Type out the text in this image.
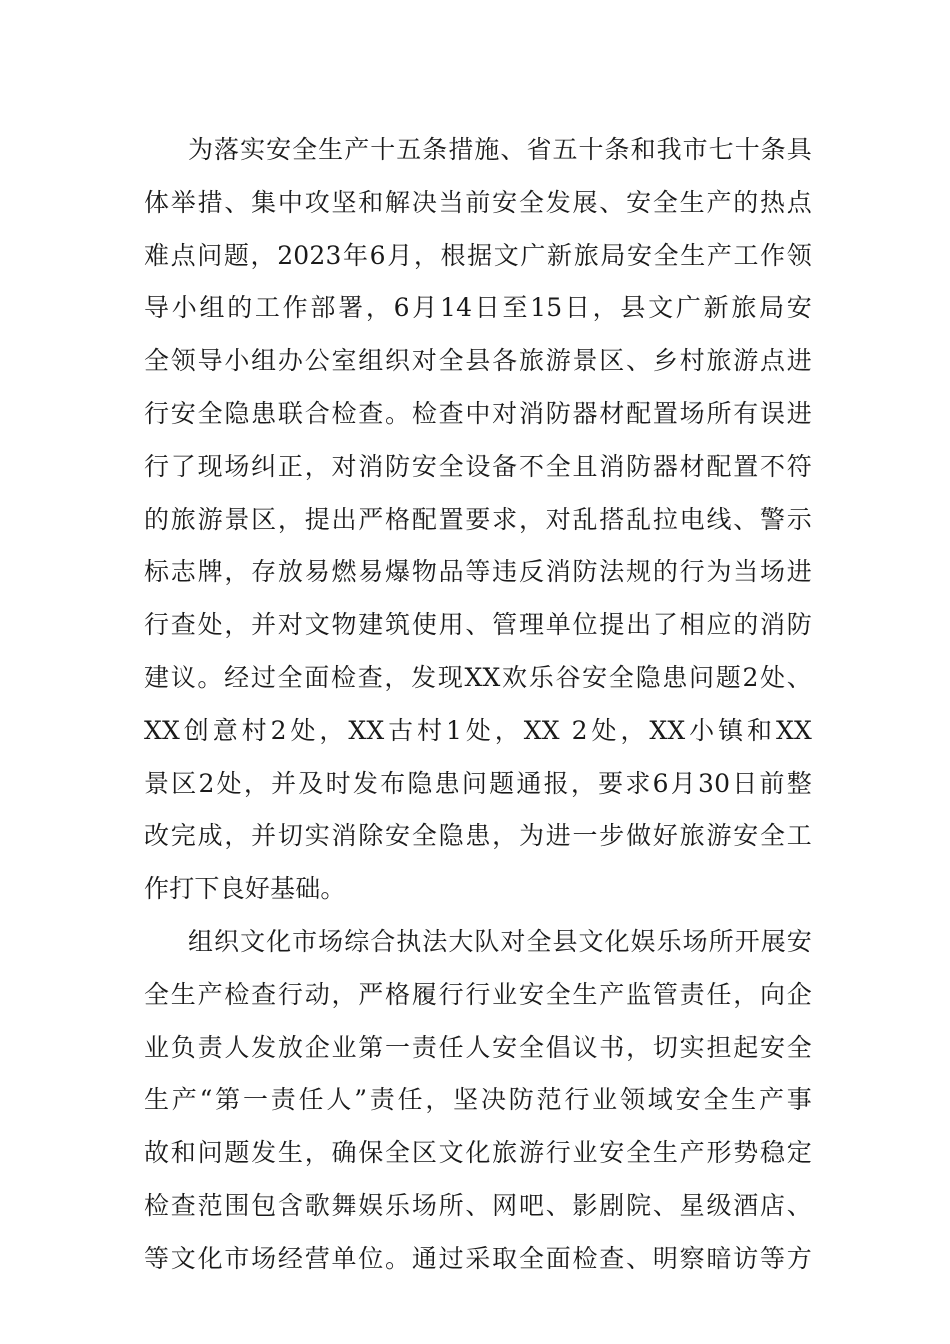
为落实安全生产十五条措施、省五十条和我市七十条具
体举措、集中攻坚和解决当前安全发展、安全生产的热点
难点问题，2023年6月，根据文广新旅局安全生产工作领
导小组的工作部署，6月14日至15日，县文广新旅局安
全领导小组办公室组织对全县各旅游景区、乡村旅游点进
行安全隐患联合检查。检查中对消防器材配置场所有误进
行了现场纠正，对消防安全设备不全且消防器材配置不符
的旅游景区，提出严格配置要求，对乱搭乱拉电线、警示
标志牌，存放易燃易爆物品等违反消防法规的行为当场进
行查处，并对文物建筑使用、管理单位提出了相应的消防
建议。经过全面检查，发现XX欢乐谷安全隐患问题2处、
XX创意村2处，XX古村1处，XX 2处，XX小镇和XX
景区2处，并及时发布隐患问题通报，要求6月30日前整
改完成，并切实消除安全隐患，为进一步做好旅游安全工
作打下良好基础。
组织文化市场综合执法大队对全县文化娱乐场所开展安
全生产检查行动，严格履行行业安全生产监管责任，向企
业负责人发放企业第一责任人安全倡议书，切实担起安全
生产“第一责任人”责任，坚决防范行业领域安全生产事
故和问题发生，确保全区文化旅游行业安全生产形势稳定
检查范围包含歌舞娱乐场所、网吧、影剧院、星级酒店、
等文化市场经营单位。通过采取全面检查、明察暗访等方
